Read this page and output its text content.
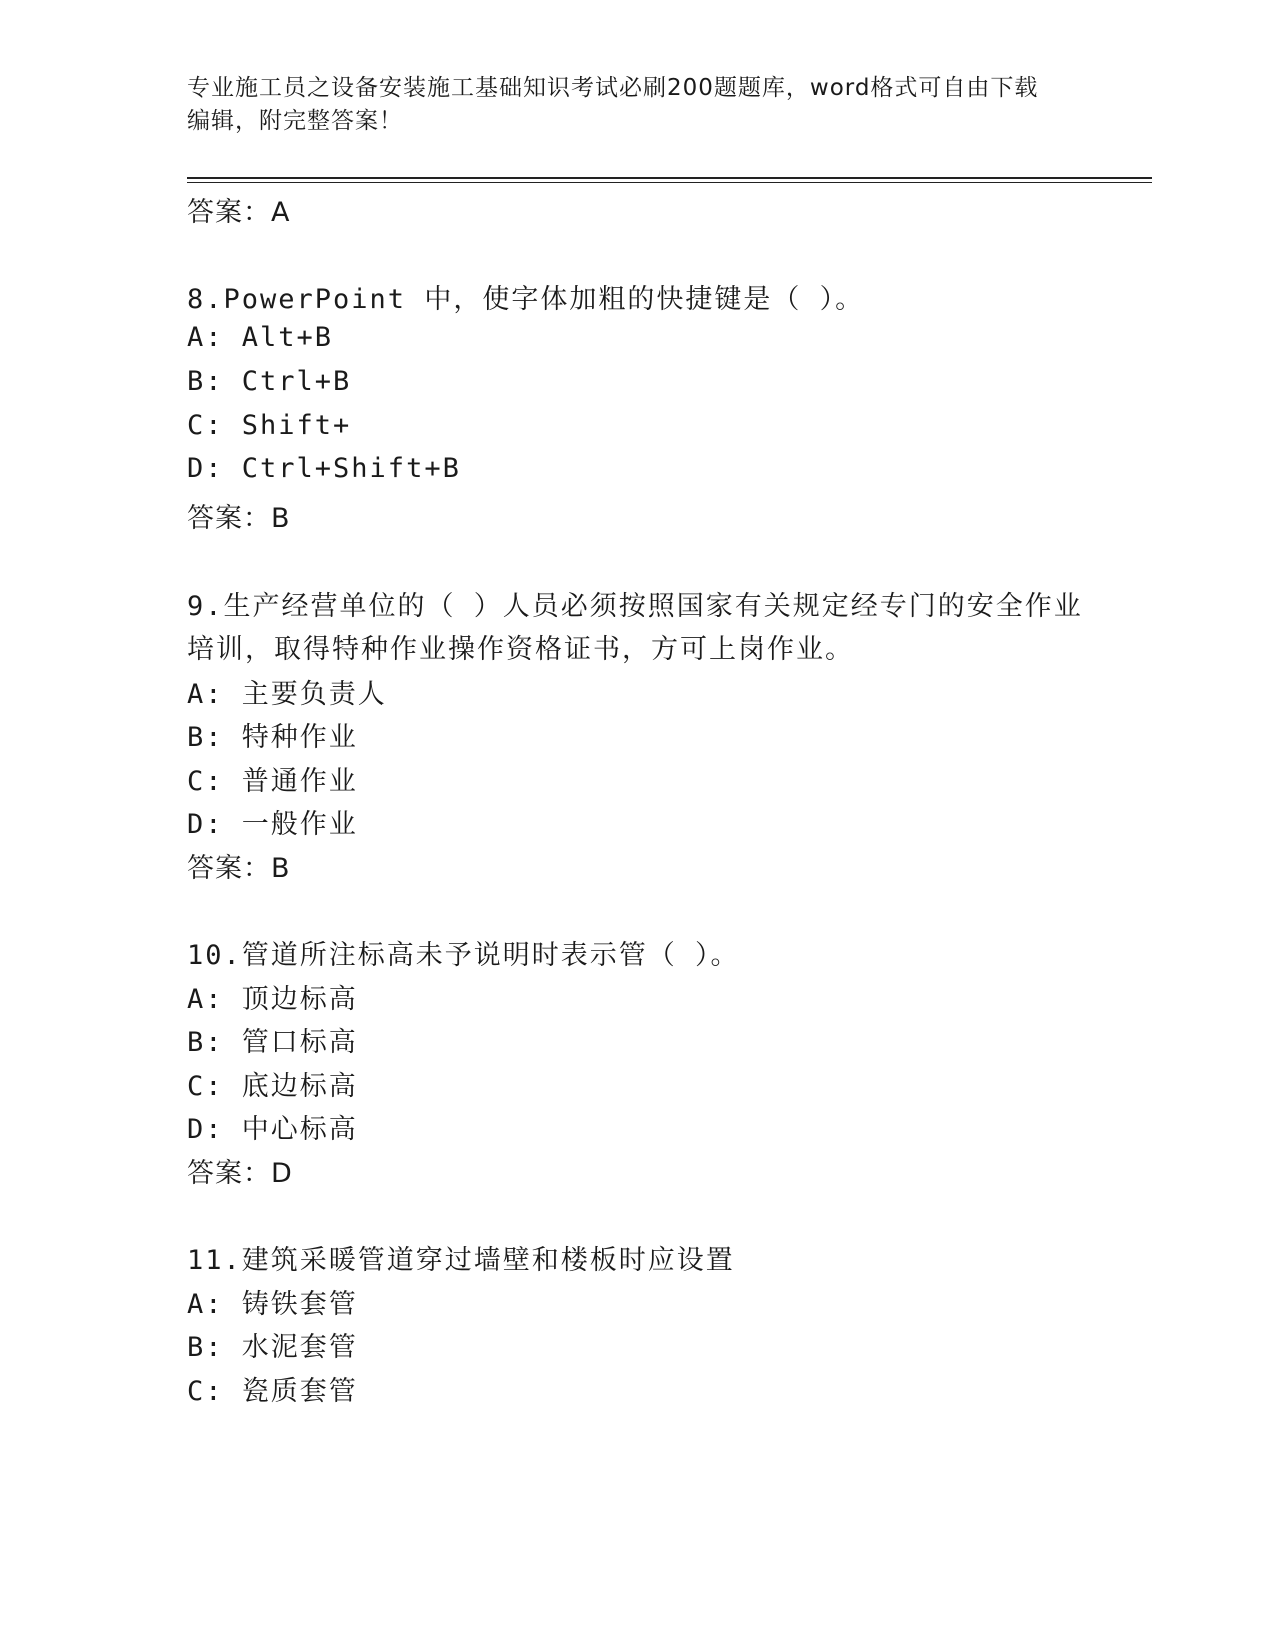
专业施工员之设备安装施工基础知识考试必刷200题题库，word格式可自由下载
编辑，附完整答案！
答案：A
8.PowerPoint 中，使字体加粗的快捷键是（ ）。
A: Alt+B
B: Ctrl+B
C: Shift+
D: Ctrl+Shift+B
答案：B
9.生产经营单位的（ ）人员必须按照国家有关规定经专门的安全作业
培训，取得特种作业操作资格证书，方可上岗作业。
A: 主要负责人
B: 特种作业
C: 普通作业
D: 一般作业
答案：B
10.管道所注标高未予说明时表示管（ ）。
A: 顶边标高
B: 管口标高
C: 底边标高
D: 中心标高
答案：D
11.建筑采暖管道穿过墙壁和楼板时应设置
A: 铸铁套管
B: 水泥套管
C: 瓷质套管
